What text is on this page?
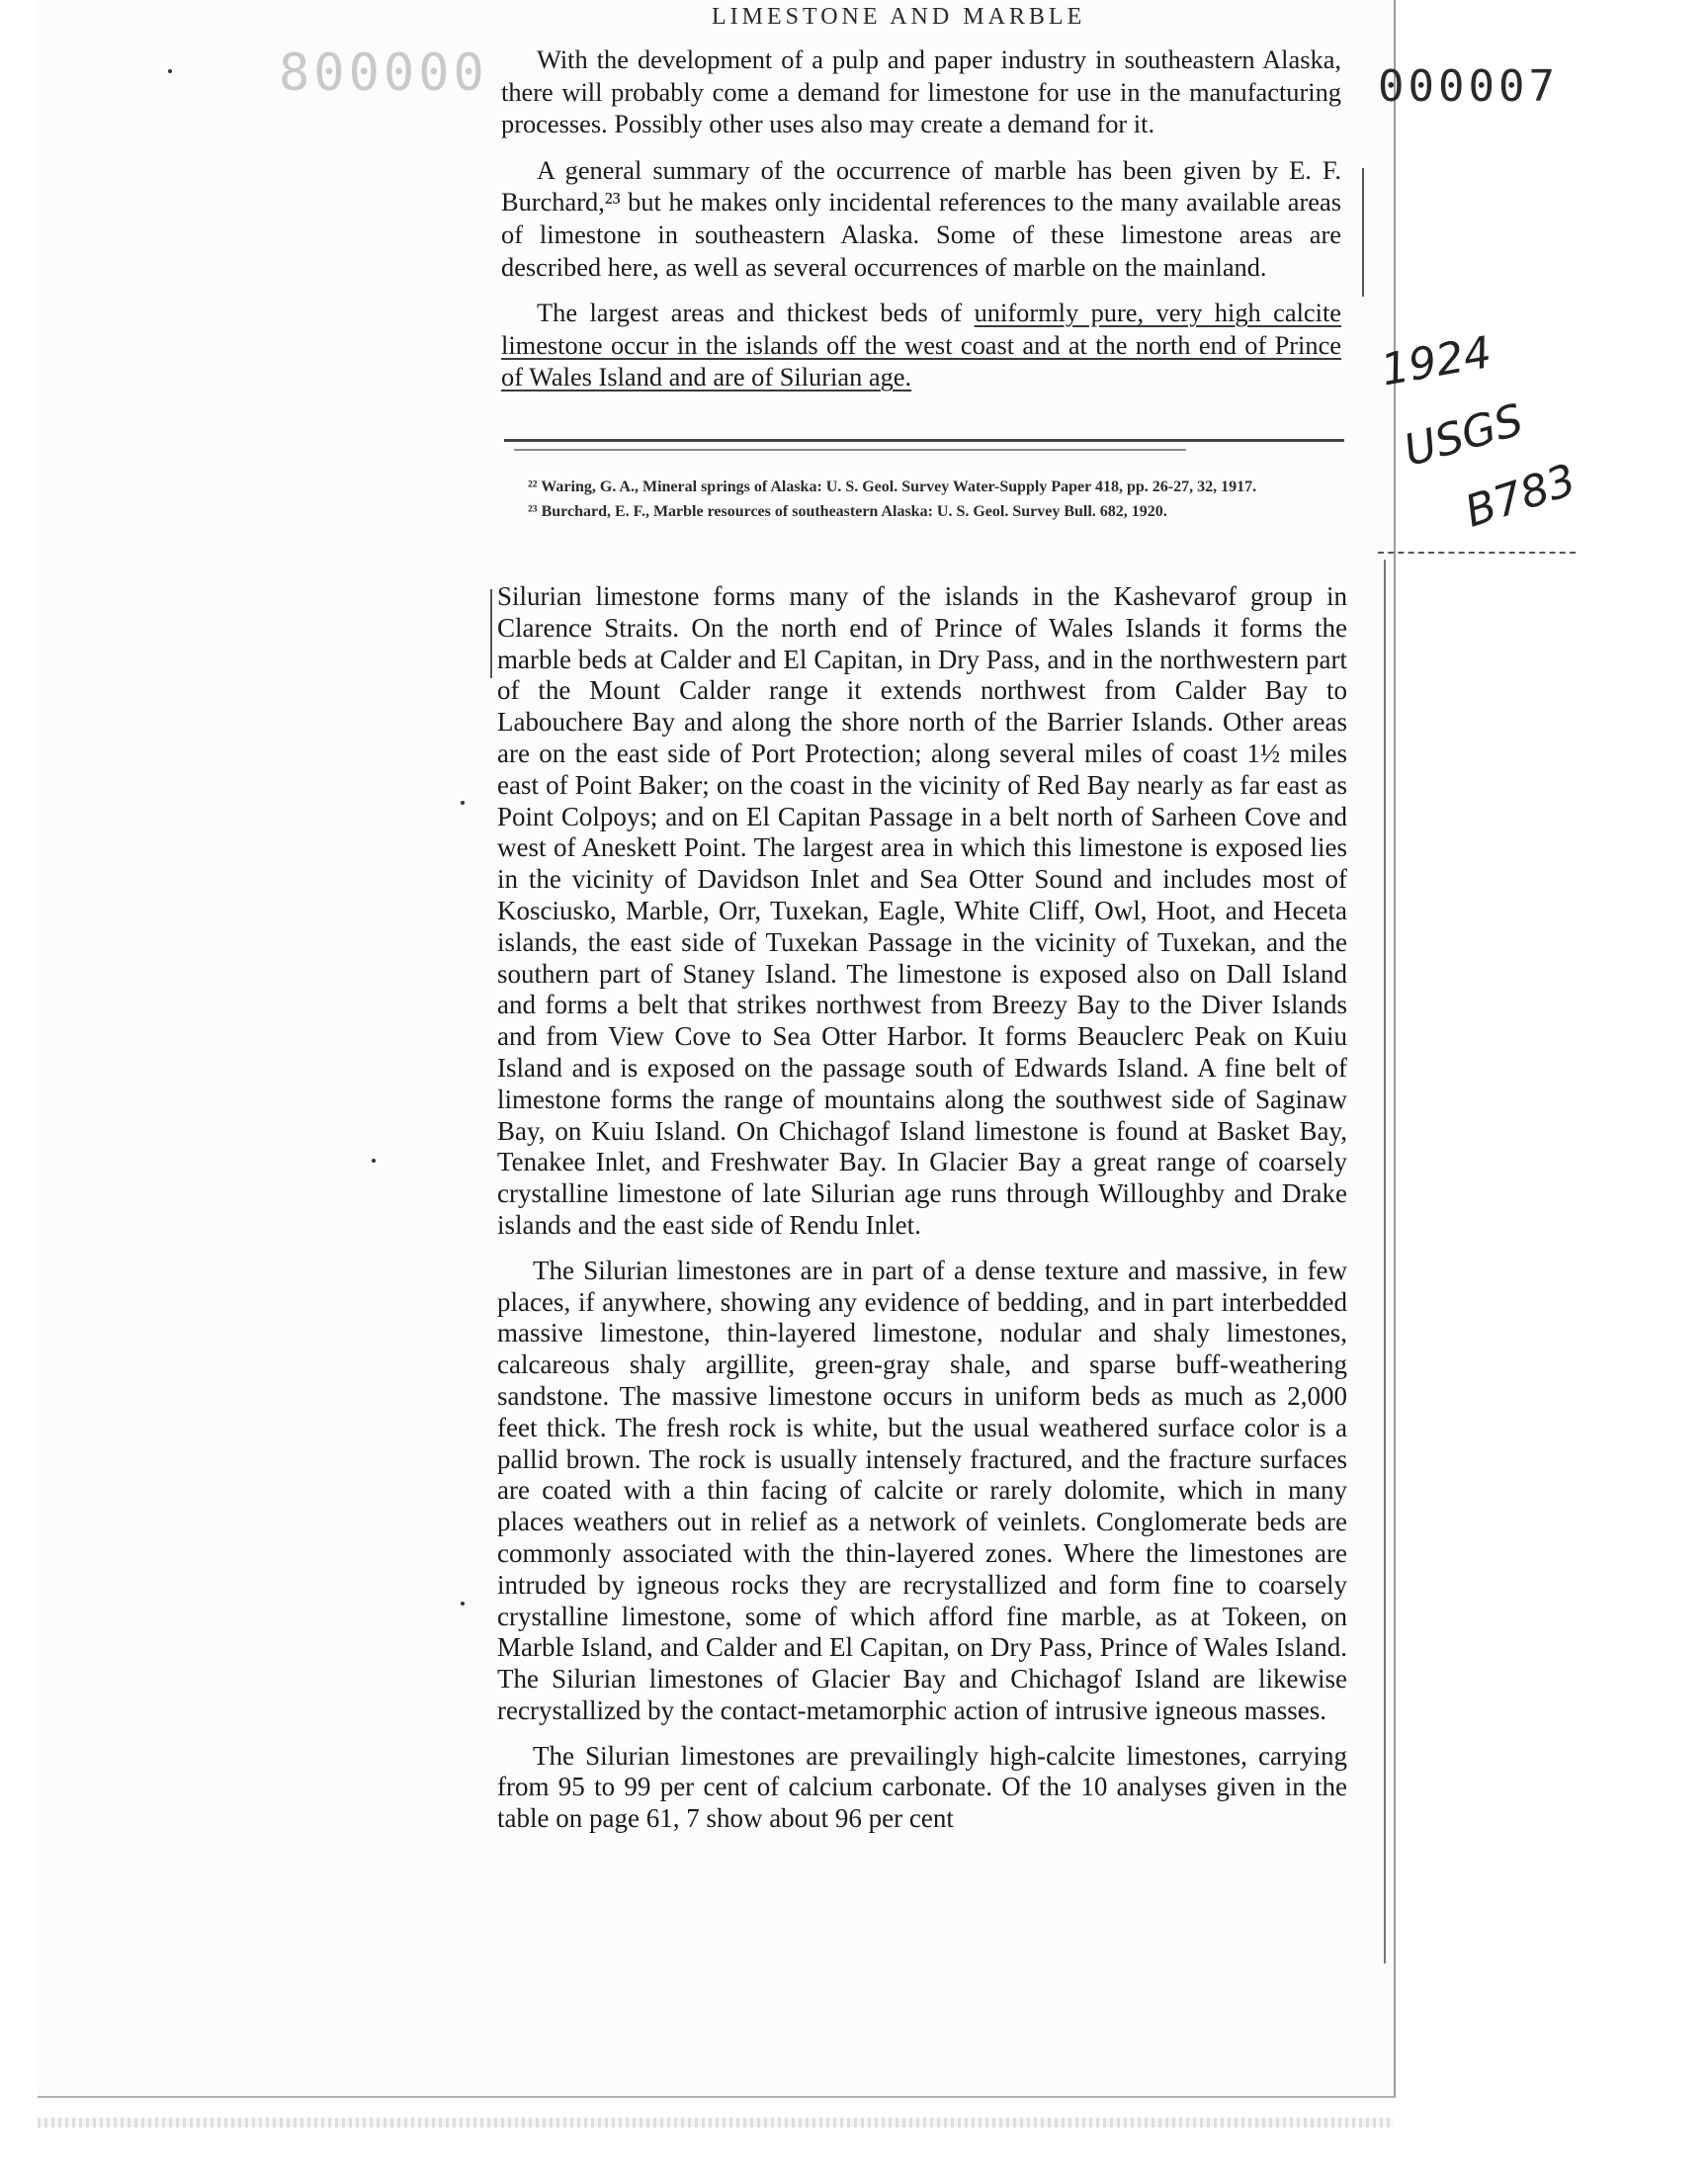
LIMESTONE AND MARBLE
800000	000007

With the development of a pulp and paper industry in southeastern Alaska, there will probably come a demand for limestone for use in the manufacturing processes. Possibly other uses also may create a demand for it.

A general summary of the occurrence of marble has been given by E. F. Burchard,²³ but he makes only incidental references to the many available areas of limestone in southeastern Alaska. Some of these limestone areas are described here, as well as several occurrences of marble on the mainland.

The largest areas and thickest beds of uniformly pure, very high calcite limestone occur in the islands off the west coast and at the north end of Prince of Wales Island and are of Silurian age.

²² Waring, G. A., Mineral springs of Alaska: U. S. Geol. Survey Water-Supply Paper 418, pp. 26-27, 32, 1917.

²³ Burchard, E. F., Marble resources of southeastern Alaska: U. S. Geol. Survey Bull. 682, 1920.

1924
USGS
B783

Silurian limestone forms many of the islands in the Kashevarof group in Clarence Straits. On the north end of Prince of Wales Islands it forms the marble beds at Calder and El Capitan, in Dry Pass, and in the northwestern part of the Mount Calder range it extends northwest from Calder Bay to Labouchere Bay and along the shore north of the Barrier Islands. Other areas are on the east side of Port Protection; along several miles of coast 1½ miles east of Point Baker; on the coast in the vicinity of Red Bay nearly as far east as Point Colpoys; and on El Capitan Passage in a belt north of Sarheen Cove and west of Aneskett Point. The largest area in which this limestone is exposed lies in the vicinity of Davidson Inlet and Sea Otter Sound and includes most of Kosciusko, Marble, Orr, Tuxekan, Eagle, White Cliff, Owl, Hoot, and Heceta islands, the east side of Tuxekan Passage in the vicinity of Tuxekan, and the southern part of Staney Island. The limestone is exposed also on Dall Island and forms a belt that strikes northwest from Breezy Bay to the Diver Islands and from View Cove to Sea Otter Harbor. It forms Beauclerc Peak on Kuiu Island and is exposed on the passage south of Edwards Island. A fine belt of limestone forms the range of mountains along the southwest side of Saginaw Bay, on Kuiu Island. On Chichagof Island limestone is found at Basket Bay, Tenakee Inlet, and Freshwater Bay. In Glacier Bay a great range of coarsely crystalline limestone of late Silurian age runs through Willoughby and Drake islands and the east side of Rendu Inlet.

The Silurian limestones are in part of a dense texture and massive, in few places, if anywhere, showing any evidence of bedding, and in part interbedded massive limestone, thin-layered limestone, nodular and shaly limestones, calcareous shaly argillite, green-gray shale, and sparse buff-weathering sandstone. The massive limestone occurs in uniform beds as much as 2,000 feet thick. The fresh rock is white, but the usual weathered surface color is a pallid brown. The rock is usually intensely fractured, and the fracture surfaces are coated with a thin facing of calcite or rarely dolomite, which in many places weathers out in relief as a network of veinlets. Conglomerate beds are commonly associated with the thin-layered zones. Where the limestones are intruded by igneous rocks they are recrystallized and form fine to coarsely crystalline limestone, some of which afford fine marble, as at Tokeen, on Marble Island, and Calder and El Capitan, on Dry Pass, Prince of Wales Island. The Silurian limestones of Glacier Bay and Chichagof Island are likewise recrystallized by the contact-metamorphic action of intrusive igneous masses.

The Silurian limestones are prevailingly high-calcite limestones, carrying from 95 to 99 per cent of calcium carbonate. Of the 10 analyses given in the table on page 61, 7 show about 96 per cent
